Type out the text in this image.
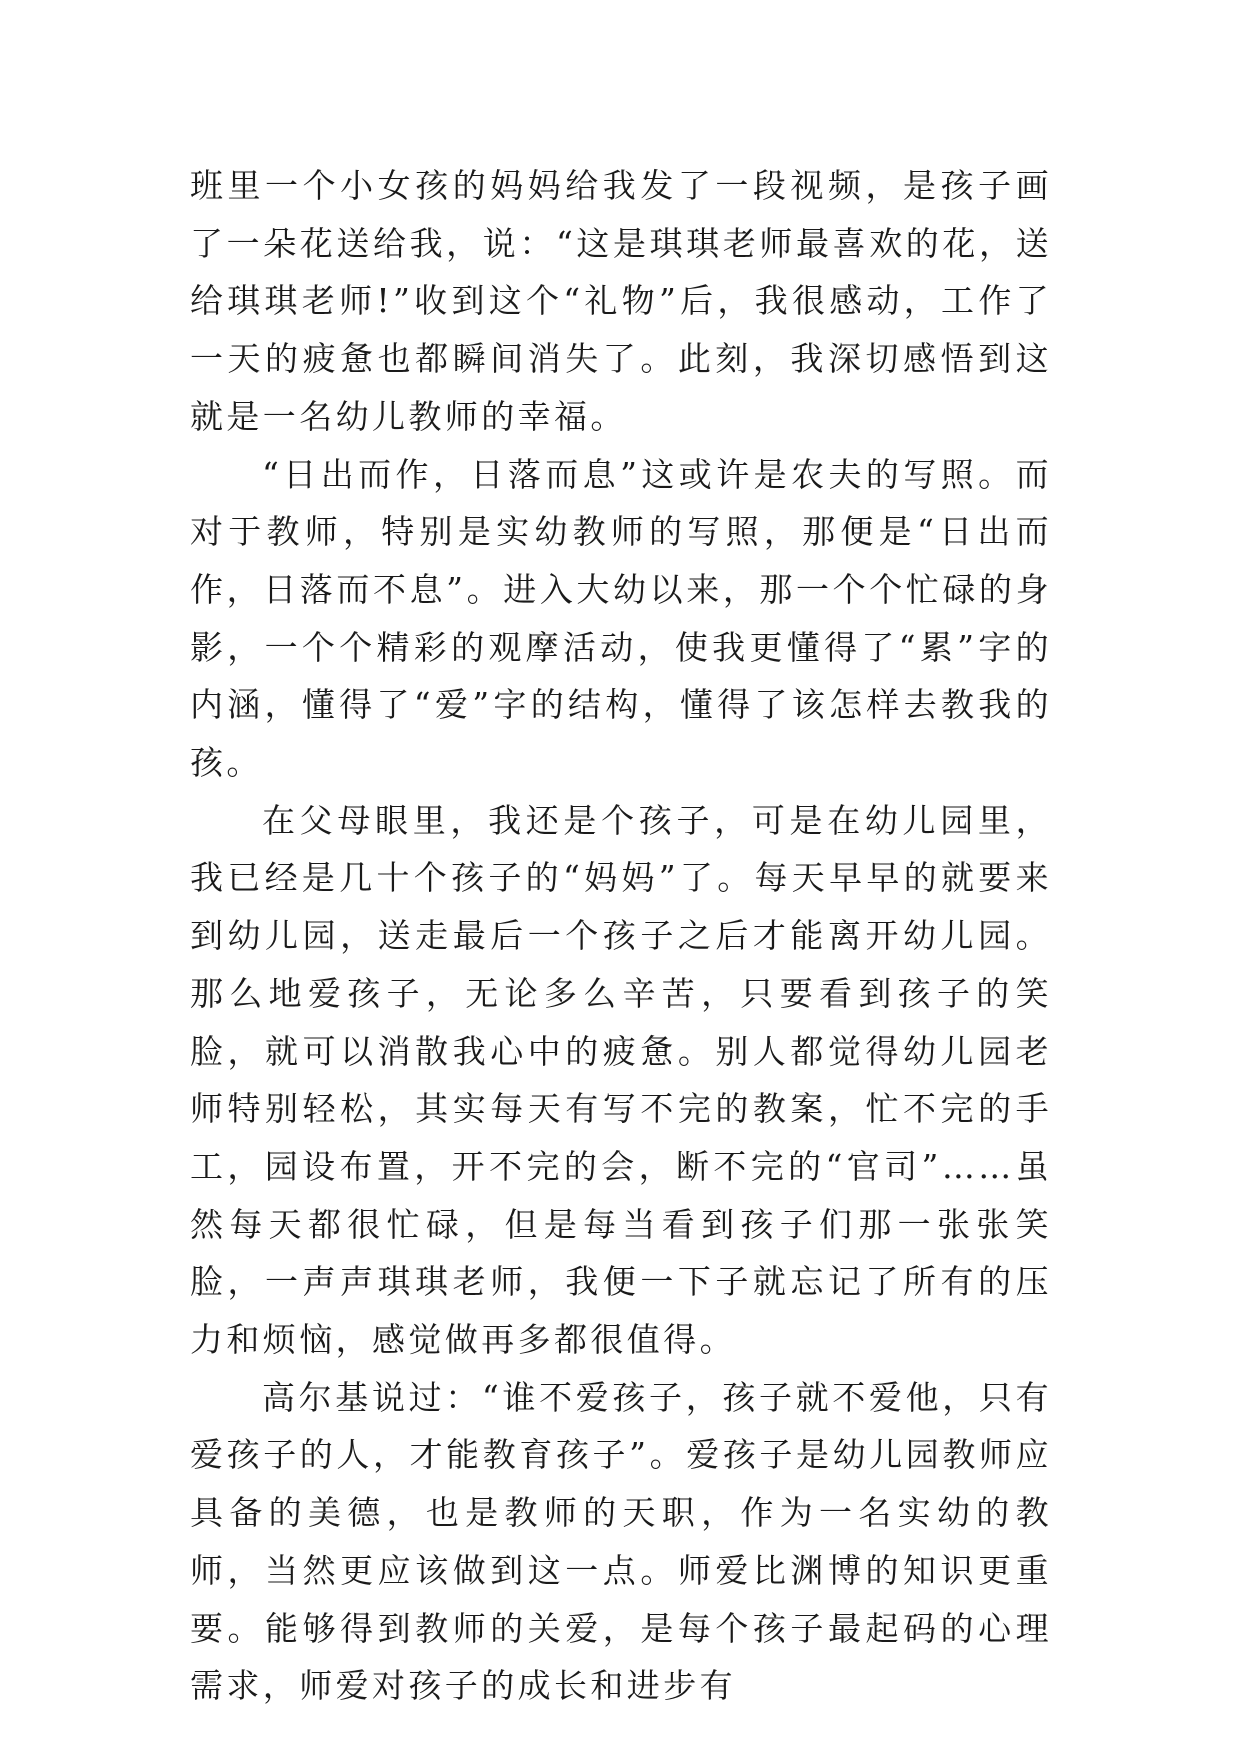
班里一个小女孩的妈妈给我发了一段视频，是孩子画了一朵花送给我，说：“这是琪琪老师最喜欢的花，送给琪琪老师!”收到这个“礼物”后，我很感动，工作了一天的疲惫也都瞬间消失了。此刻，我深切感悟到这就是一名幼儿教师的幸福。

“日出而作，日落而息”这或许是农夫的写照。而对于教师，特别是实幼教师的写照，那便是“日出而作，日落而不息”。进入大幼以来，那一个个忙碌的身影，一个个精彩的观摩活动，使我更懂得了“累”字的内涵，懂得了“爱”字的结构，懂得了该怎样去教我的孩。

在父母眼里，我还是个孩子，可是在幼儿园里，我已经是几十个孩子的“妈妈”了。每天早早的就要来到幼儿园，送走最后一个孩子之后才能离开幼儿园。那么地爱孩子，无论多么辛苦，只要看到孩子的笑脸，就可以消散我心中的疲惫。别人都觉得幼儿园老师特别轻松，其实每天有写不完的教案，忙不完的手工，园设布置，开不完的会，断不完的“官司”……虽然每天都很忙碌，但是每当看到孩子们那一张张笑脸，一声声琪琪老师，我便一下子就忘记了所有的压力和烦恼，感觉做再多都很值得。

高尔基说过：“谁不爱孩子，孩子就不爱他，只有爱孩子的人，才能教育孩子”。爱孩子是幼儿园教师应具备的美德，也是教师的天职，作为一名实幼的教师，当然更应该做到这一点。师爱比渊博的知识更重要。能够得到教师的关爱，是每个孩子最起码的心理需求，师爱对孩子的成长和进步有
